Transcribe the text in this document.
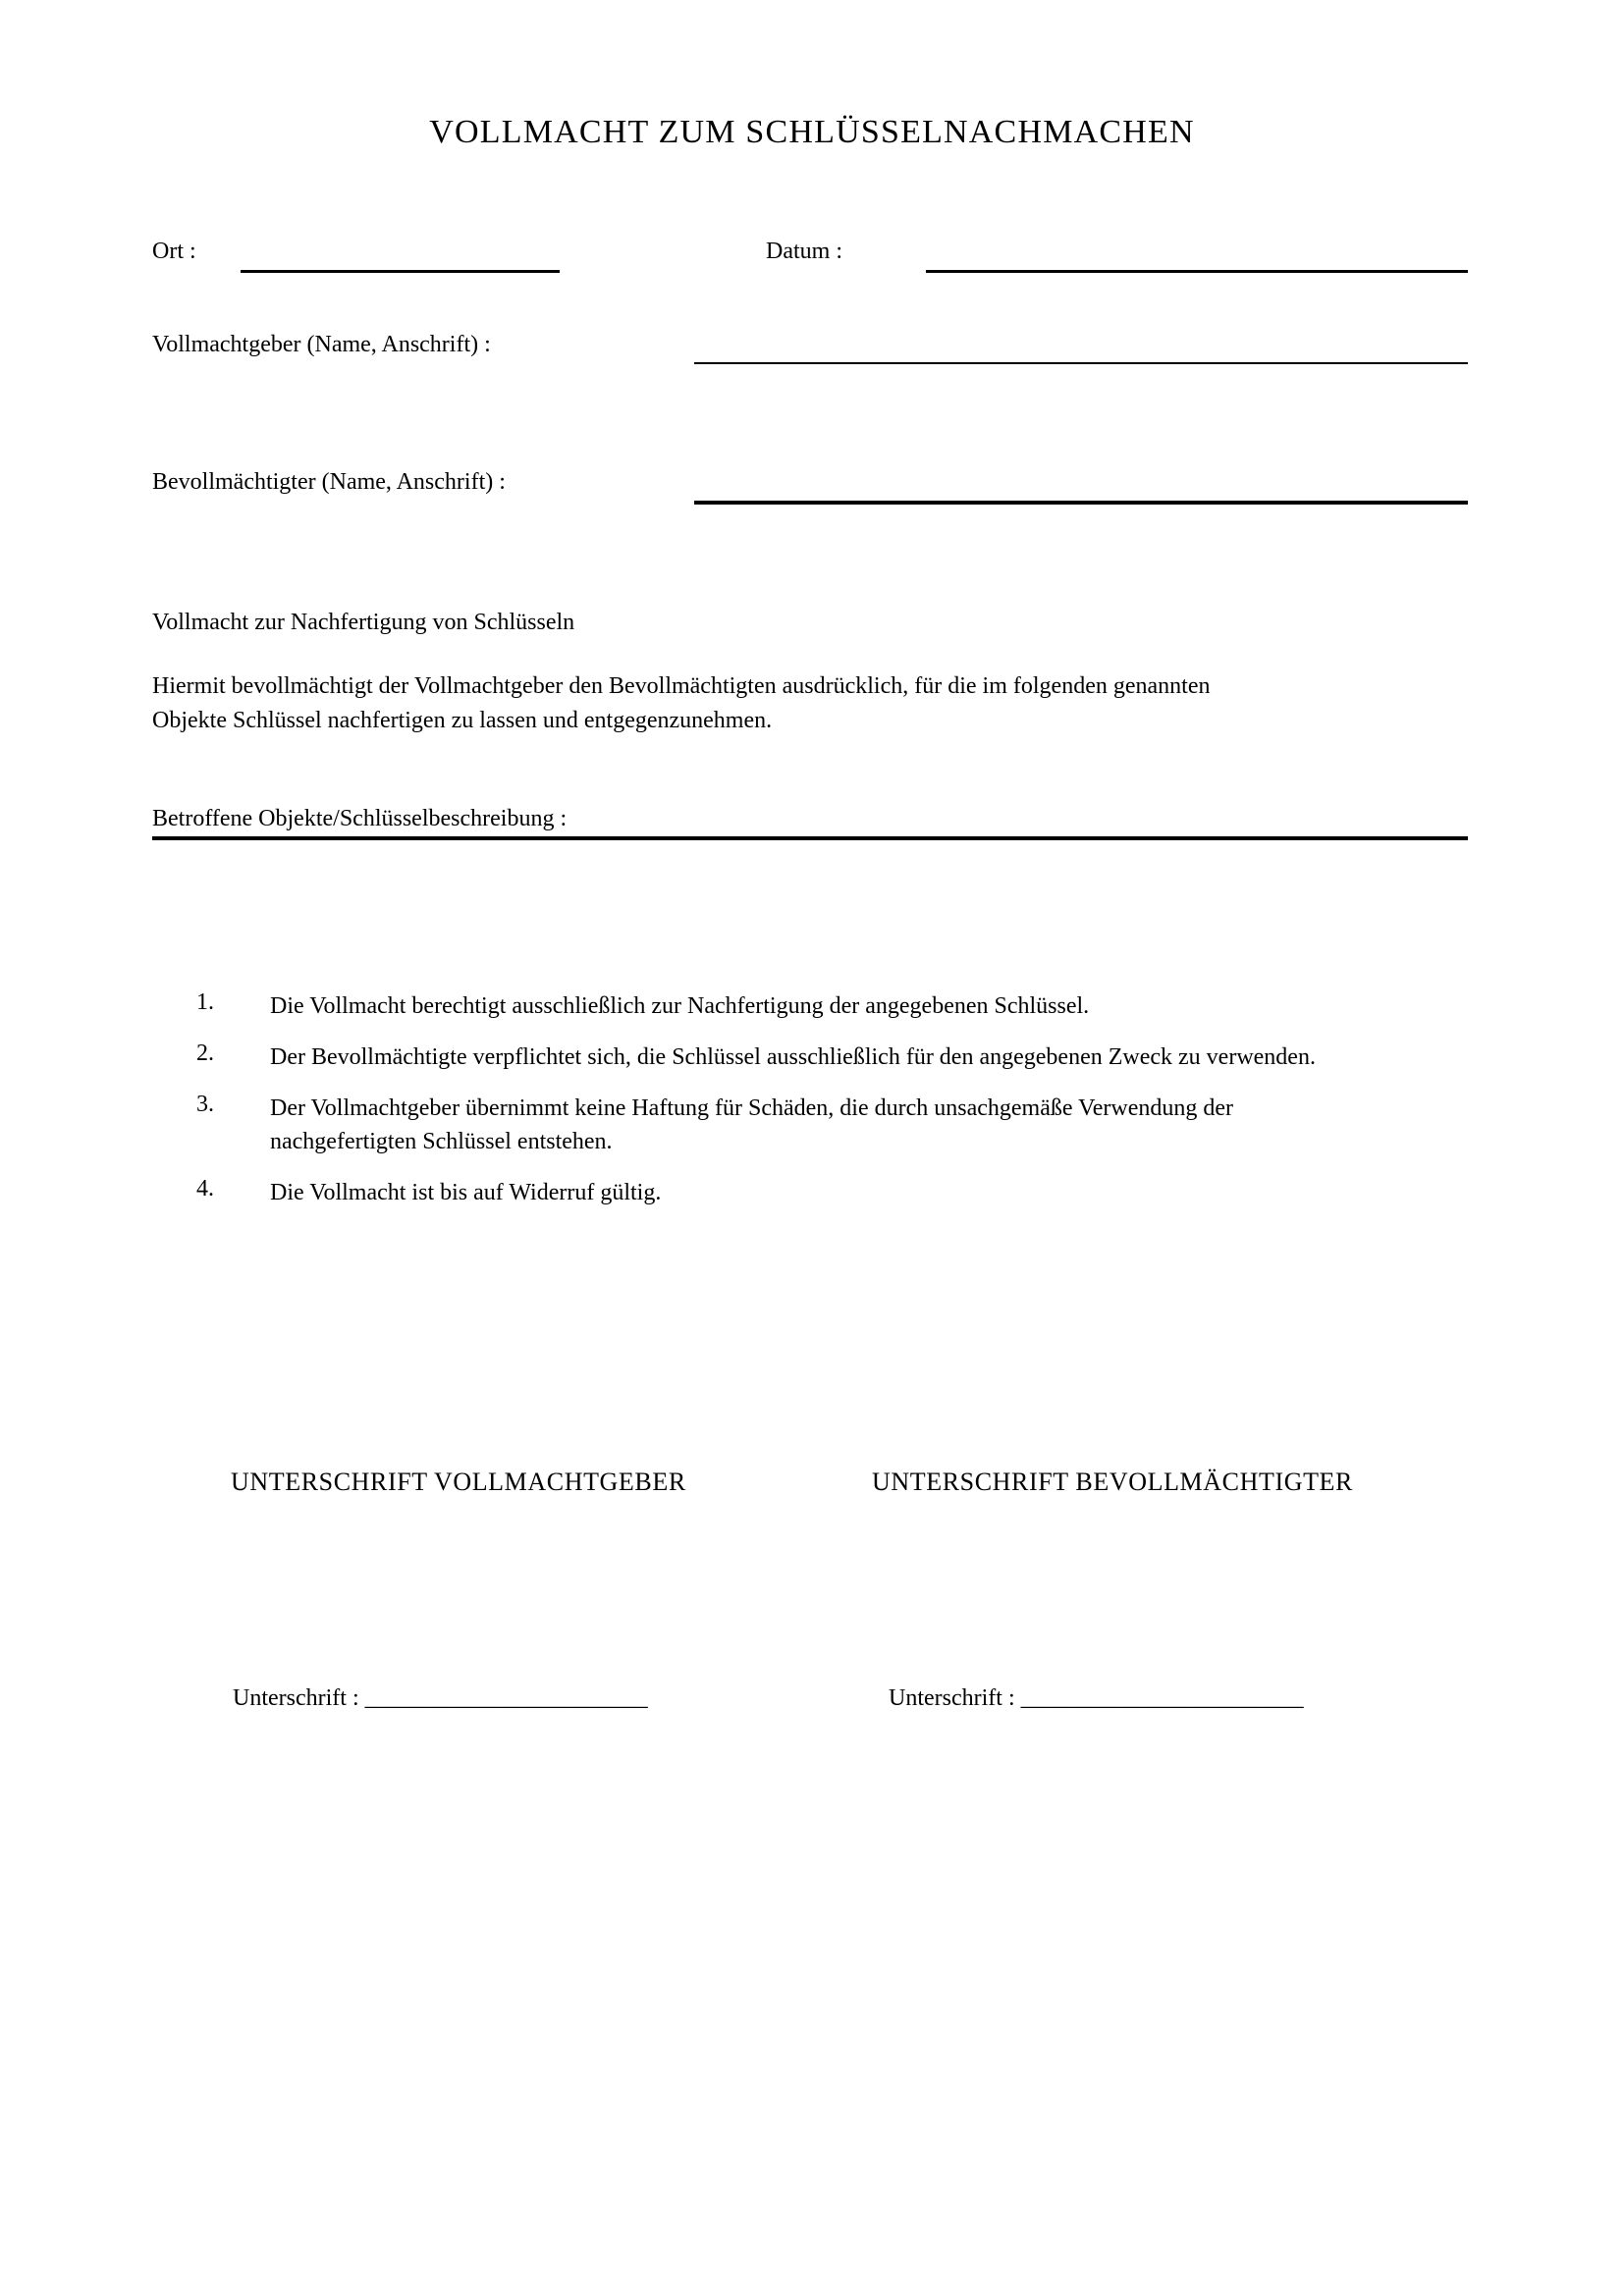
VOLLMACHT ZUM SCHLÜSSELNACHMACHEN
Ort :	Datum :
Vollmachtgeber (Name, Anschrift) :
Bevollmächtigter (Name, Anschrift) :
Vollmacht zur Nachfertigung von Schlüsseln
Hiermit bevollmächtigt der Vollmachtgeber den Bevollmächtigten ausdrücklich, für die im folgenden genannten
Objekte Schlüssel nachfertigen zu lassen und entgegenzunehmen.
Betroffene Objekte/Schlüsselbeschreibung :
1.	Die Vollmacht berechtigt ausschließlich zur Nachfertigung der angegebenen Schlüssel.
2.	Der Bevollmächtigte verpflichtet sich, die Schlüssel ausschließlich für den angegebenen Zweck zu verwenden.
3.	Der Vollmachtgeber übernimmt keine Haftung für Schäden, die durch unsachgemäße Verwendung der nachgefertigten Schlüssel entstehen.
4.	Die Vollmacht ist bis auf Widerruf gültig.
UNTERSCHRIFT VOLLMACHTGEBER	UNTERSCHRIFT BEVOLLMÄCHTIGTER
Unterschrift : ________________________	Unterschrift : ________________________
